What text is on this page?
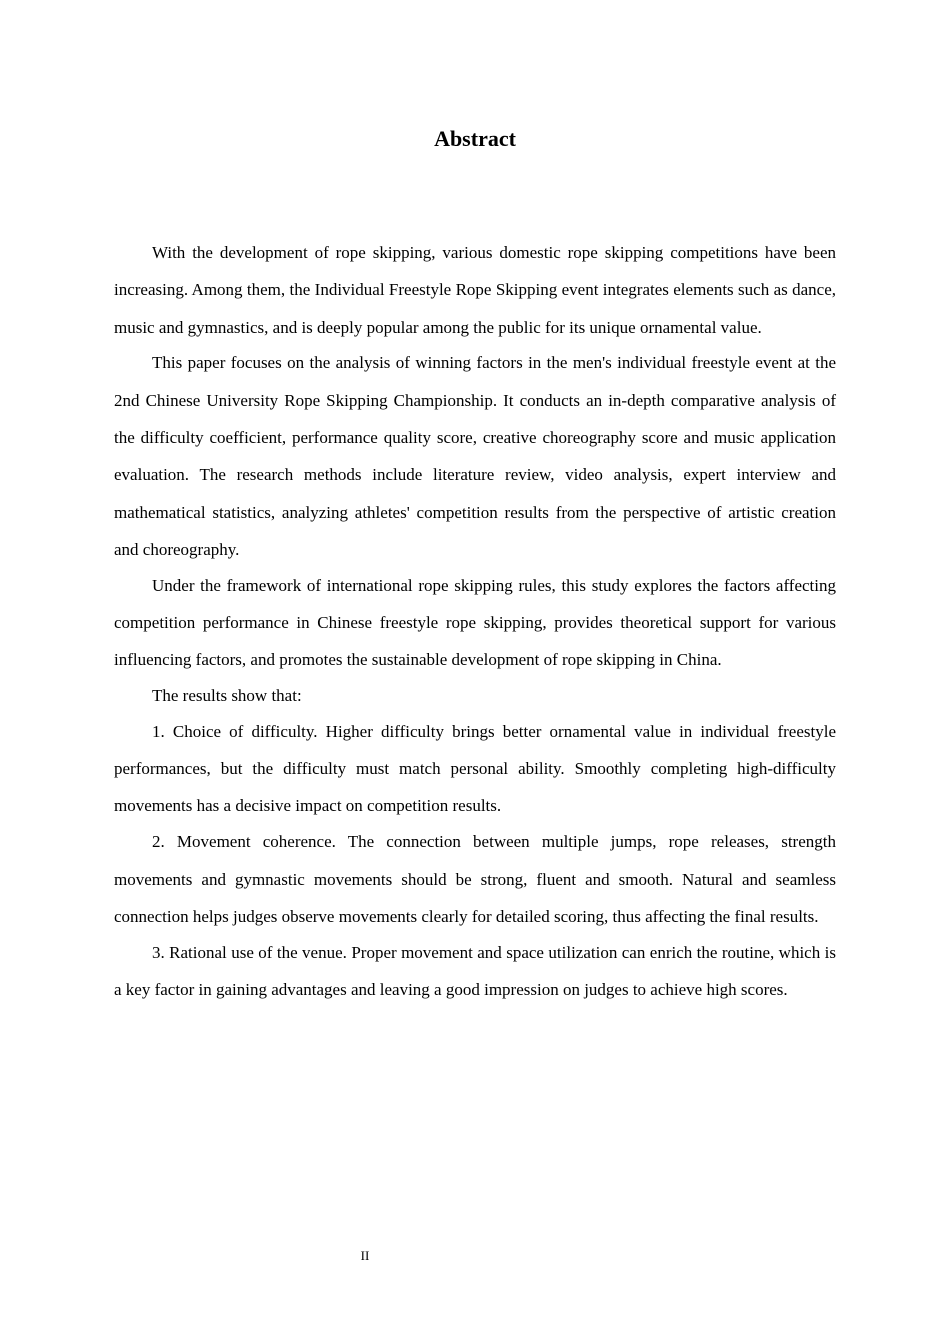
Abstract

With the development of rope skipping, various domestic rope skipping competitions have been increasing. Among them, the Individual Freestyle Rope Skipping event integrates elements such as dance, music and gymnastics, and is deeply popular among the public for its unique ornamental value.

This paper focuses on the analysis of winning factors in the men's individual freestyle event at the 2nd Chinese University Rope Skipping Championship. It conducts an in-depth comparative analysis of the difficulty coefficient, performance quality score, creative choreography score and music application evaluation. The research methods include literature review, video analysis, expert interview and mathematical statistics, analyzing athletes' competition results from the perspective of artistic creation and choreography.

Under the framework of international rope skipping rules, this study explores the factors affecting competition performance in Chinese freestyle rope skipping, provides theoretical support for various influencing factors, and promotes the sustainable development of rope skipping in China.

The results show that:

1. Choice of difficulty. Higher difficulty brings better ornamental value in individual freestyle performances, but the difficulty must match personal ability. Smoothly completing high-difficulty movements has a decisive impact on competition results.

2. Movement coherence. The connection between multiple jumps, rope releases, strength movements and gymnastic movements should be strong, fluent and smooth. Natural and seamless connection helps judges observe movements clearly for detailed scoring, thus affecting the final results.

3. Rational use of the venue. Proper movement and space utilization can enrich the routine, which is a key factor in gaining advantages and leaving a good impression on judges to achieve high scores.

II
